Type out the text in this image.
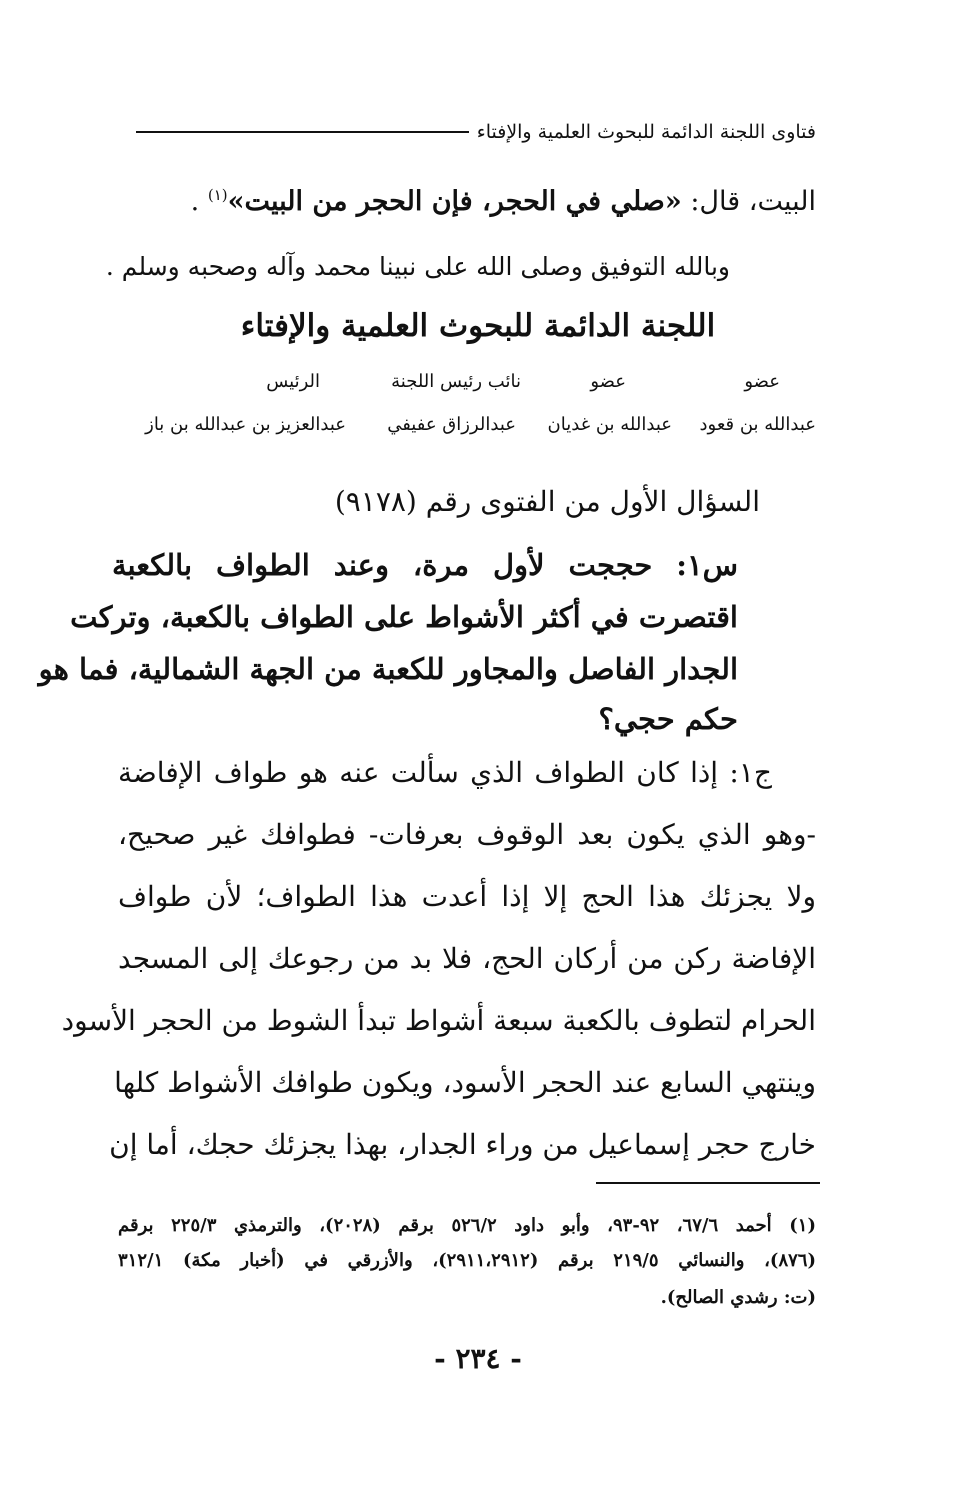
فتاوى اللجنة الدائمة للبحوث العلمية والإفتاء
البيت، قال: «صلي في الحجر، فإن الحجر من البيت»$^{(١)}$ .
وبالله التوفيق وصلى الله على نبينا محمد وآله وصحبه وسلم .
اللجنة الدائمة للبحوث العلمية والإفتاء
عضو
عضو
نائب رئيس اللجنة
الرئيس
عبدالله بن قعود
عبدالله بن غديان
عبدالرزاق عفيفي
عبدالعزيز بن عبدالله بن باز
السؤال الأول من الفتوى رقم (٩١٧٨)
س١: حججت لأول مرة، وعند الطواف بالكعبة
اقتصرت في أكثر الأشواط على الطواف بالكعبة، وتركت
الجدار الفاصل والمجاور للكعبة من الجهة الشمالية، فما هو
حكم حجي؟
ج١: إذا كان الطواف الذي سألت عنه هو طواف الإفاضة
-وهو الذي يكون بعد الوقوف بعرفات- فطوافك غير صحيح،
ولا يجزئك هذا الحج إلا إذا أعدت هذا الطواف؛ لأن طواف
الإفاضة ركن من أركان الحج، فلا بد من رجوعك إلى المسجد
الحرام لتطوف بالكعبة سبعة أشواط تبدأ الشوط من الحجر الأسود
وينتهي السابع عند الحجر الأسود، ويكون طوافك الأشواط كلها
خارج حجر إسماعيل من وراء الجدار، بهذا يجزئك حجك، أما إن
(١) أحمد ٦٧/٦، ٩٢-٩٣، وأبو داود ٥٢٦/٢ برقم (٢٠٢٨)، والترمذي ٢٢٥/٣ برقم
(٨٧٦)، والنسائي ٢١٩/٥ برقم (٢٩١١،٢٩١٢)، والأزرقي في (أخبار مكة) ٣١٢/١
(ت: رشدي الصالح).
- ٢٣٤ -
